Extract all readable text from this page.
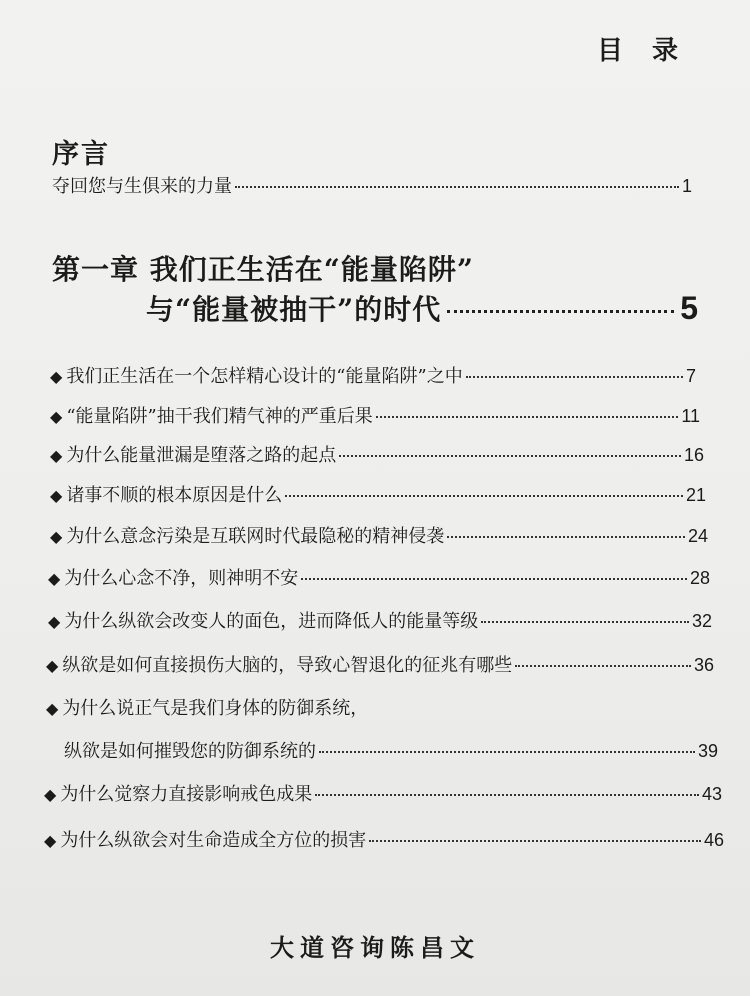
目 录
序言
夺回您与生俱来的力量	1
第一章 我们正生活在“能量陷阱”
与“能量被抽干”的时代	5
◆ 我们正生活在一个怎样精心设计的“能量陷阱”之中	7
◆ “能量陷阱”抽干我们精气神的严重后果	11
◆ 为什么能量泄漏是堕落之路的起点	16
◆ 诸事不顺的根本原因是什么	21
◆ 为什么意念污染是互联网时代最隐秘的精神侵袭	24
◆ 为什么心念不净，则神明不安	28
◆ 为什么纵欲会改变人的面色，进而降低人的能量等级	32
◆ 纵欲是如何直接损伤大脑的，导致心智退化的征兆有哪些	36
◆ 为什么说正气是我们身体的防御系统，
纵欲是如何摧毁您的防御系统的	39
◆ 为什么觉察力直接影响戒色成果	43
◆ 为什么纵欲会对生命造成全方位的损害	46
大道咨询陈昌文
